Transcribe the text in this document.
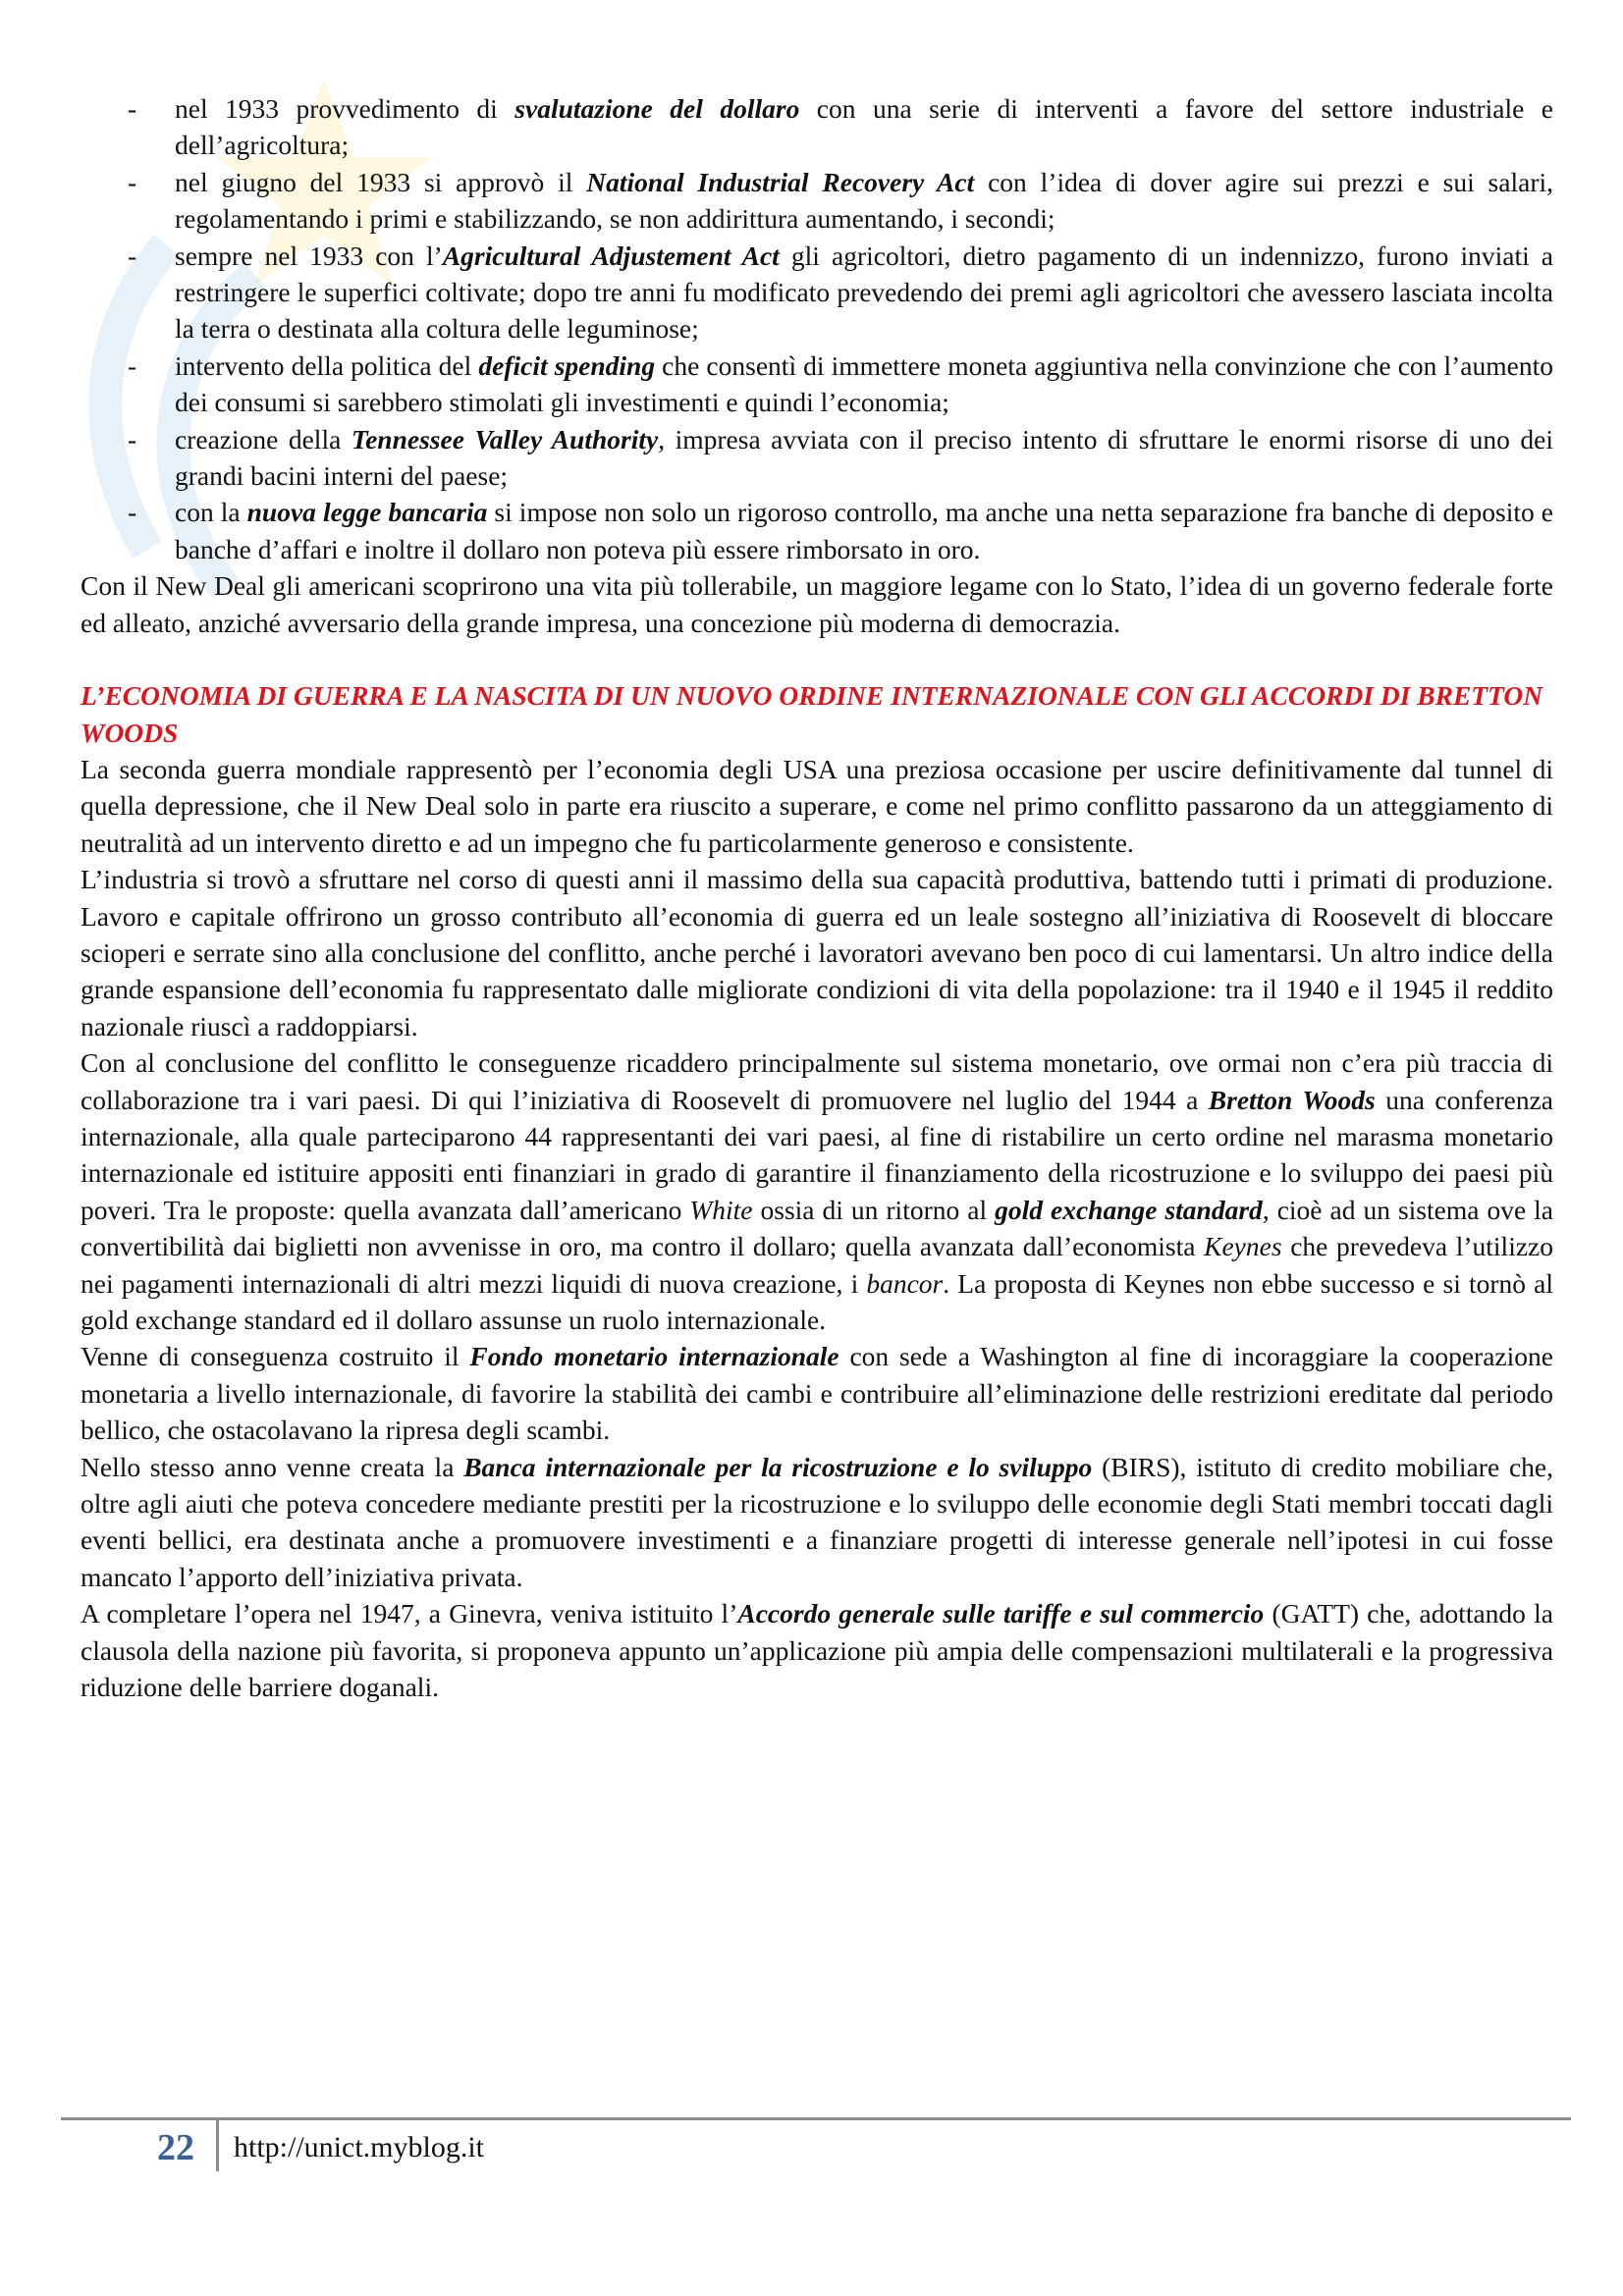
- nel 1933 provvedimento di svalutazione del dollaro con una serie di interventi a favore del settore industriale e dell’agricoltura;
- nel giugno del 1933 si approvò il National Industrial Recovery Act con l’idea di dover agire sui prezzi e sui salari, regolamentando i primi e stabilizzando, se non addirittura aumentando, i secondi;
- sempre nel 1933 con l’Agricultural Adjustement Act gli agricoltori, dietro pagamento di un indennizzo, furono inviati a restringere le superfici coltivate; dopo tre anni fu modificato prevedendo dei premi agli agricoltori che avessero lasciata incolta la terra o destinata alla coltura delle leguminose;
- intervento della politica del deficit spending che consentì di immettere moneta aggiuntiva nella convinzione che con l’aumento dei consumi si sarebbero stimolati gli investimenti e quindi l’economia;
- creazione della Tennessee Valley Authority, impresa avviata con il preciso intento di sfruttare le enormi risorse di uno dei grandi bacini interni del paese;
- con la nuova legge bancaria si impose non solo un rigoroso controllo, ma anche una netta separazione fra banche di deposito e banche d’affari e inoltre il dollaro non poteva più essere rimborsato in oro.

Con il New Deal gli americani scoprirono una vita più tollerabile, un maggiore legame con lo Stato, l’idea di un governo federale forte ed alleato, anziché avversario della grande impresa, una concezione più moderna di democrazia.

L’ECONOMIA DI GUERRA E LA NASCITA DI UN NUOVO ORDINE INTERNAZIONALE CON GLI ACCORDI DI BRETTON WOODS

La seconda guerra mondiale rappresentò per l’economia degli USA una preziosa occasione per uscire definitivamente dal tunnel di quella depressione, che il New Deal solo in parte era riuscito a superare, e come nel primo conflitto passarono da un atteggiamento di neutralità ad un intervento diretto e ad un impegno che fu particolarmente generoso e consistente.

L’industria si trovò a sfruttare nel corso di questi anni il massimo della sua capacità produttiva, battendo tutti i primati di produzione. Lavoro e capitale offrirono un grosso contributo all’economia di guerra ed un leale sostegno all’iniziativa di Roosevelt di bloccare scioperi e serrate sino alla conclusione del conflitto, anche perché i lavoratori avevano ben poco di cui lamentarsi. Un altro indice della grande espansione dell’economia fu rappresentato dalle migliorate condizioni di vita della popolazione: tra il 1940 e il 1945 il reddito nazionale riuscì a raddoppiarsi.

Con al conclusione del conflitto le conseguenze ricaddero principalmente sul sistema monetario, ove ormai non c’era più traccia di collaborazione tra i vari paesi. Di qui l’iniziativa di Roosevelt di promuovere nel luglio del 1944 a Bretton Woods una conferenza internazionale, alla quale parteciparono 44 rappresentanti dei vari paesi, al fine di ristabilire un certo ordine nel marasma monetario internazionale ed istituire appositi enti finanziari in grado di garantire il finanziamento della ricostruzione e lo sviluppo dei paesi più poveri. Tra le proposte: quella avanzata dall’americano White ossia di un ritorno al gold exchange standard, cioè ad un sistema ove la convertibilità dai biglietti non avvenisse in oro, ma contro il dollaro; quella avanzata dall’economista Keynes che prevedeva l’utilizzo nei pagamenti internazionali di altri mezzi liquidi di nuova creazione, i bancor. La proposta di Keynes non ebbe successo e si tornò al gold exchange standard ed il dollaro assunse un ruolo internazionale.

Venne di conseguenza costruito il Fondo monetario internazionale con sede a Washington al fine di incoraggiare la cooperazione monetaria a livello internazionale, di favorire la stabilità dei cambi e contribuire all’eliminazione delle restrizioni ereditate dal periodo bellico, che ostacolavano la ripresa degli scambi.

Nello stesso anno venne creata la Banca internazionale per la ricostruzione e lo sviluppo (BIRS), istituto di credito mobiliare che, oltre agli aiuti che poteva concedere mediante prestiti per la ricostruzione e lo sviluppo delle economie degli Stati membri toccati dagli eventi bellici, era destinata anche a promuovere investimenti e a finanziare progetti di interesse generale nell’ipotesi in cui fosse mancato l’apporto dell’iniziativa privata.

A completare l’opera nel 1947, a Ginevra, veniva istituito l’Accordo generale sulle tariffe e sul commercio (GATT) che, adottando la clausola della nazione più favorita, si proponeva appunto un’applicazione più ampia delle compensazioni multilaterali e la progressiva riduzione delle barriere doganali.

22 http://unict.myblog.it
